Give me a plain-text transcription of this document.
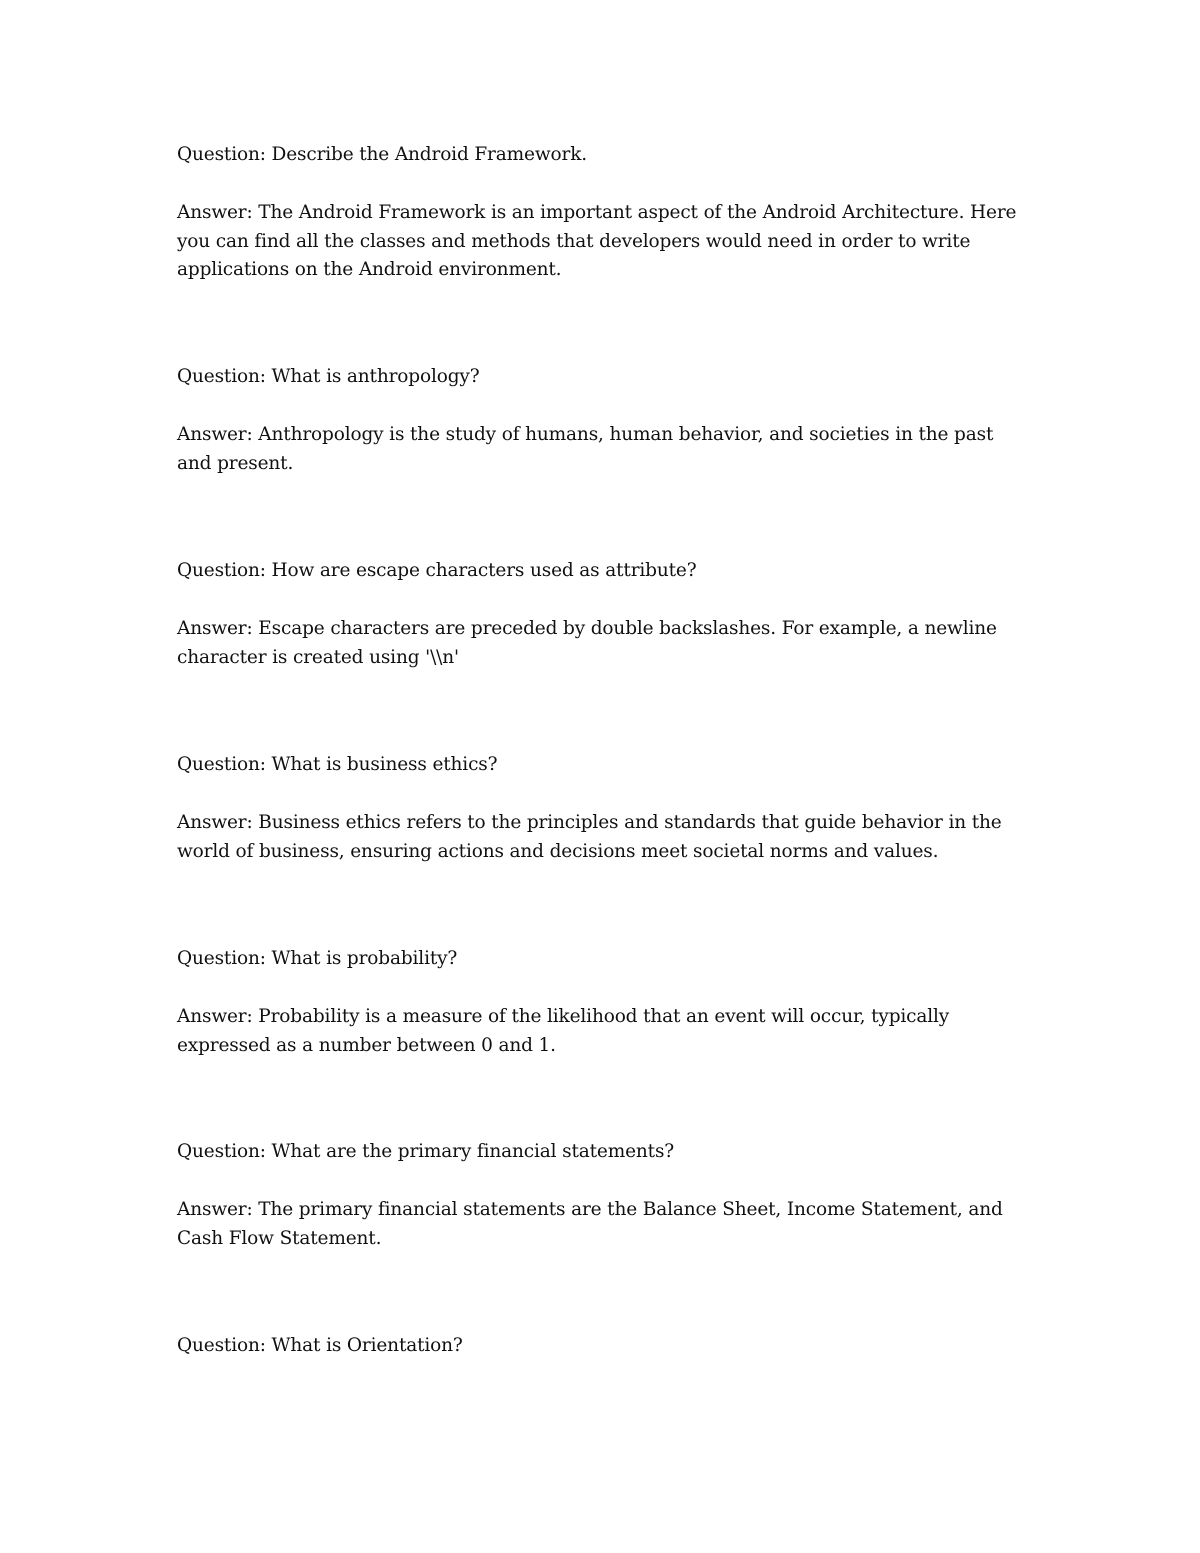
Question: Describe the Android Framework.

Answer: The Android Framework is an important aspect of the Android Architecture. Here

you can find all the classes and methods that developers would need in order to write

applications on the Android environment.

Question: What is anthropology?

Answer: Anthropology is the study of humans, human behavior, and societies in the past

and present.

Question: How are escape characters used as attribute?

Answer: Escape characters are preceded by double backslashes. For example, a newline

character is created using '\\n'

Question: What is business ethics?

Answer: Business ethics refers to the principles and standards that guide behavior in the

world of business, ensuring actions and decisions meet societal norms and values.

Question: What is probability?

Answer: Probability is a measure of the likelihood that an event will occur, typically

expressed as a number between 0 and 1.

Question: What are the primary financial statements?

Answer: The primary financial statements are the Balance Sheet, Income Statement, and

Cash Flow Statement.

Question: What is Orientation?
